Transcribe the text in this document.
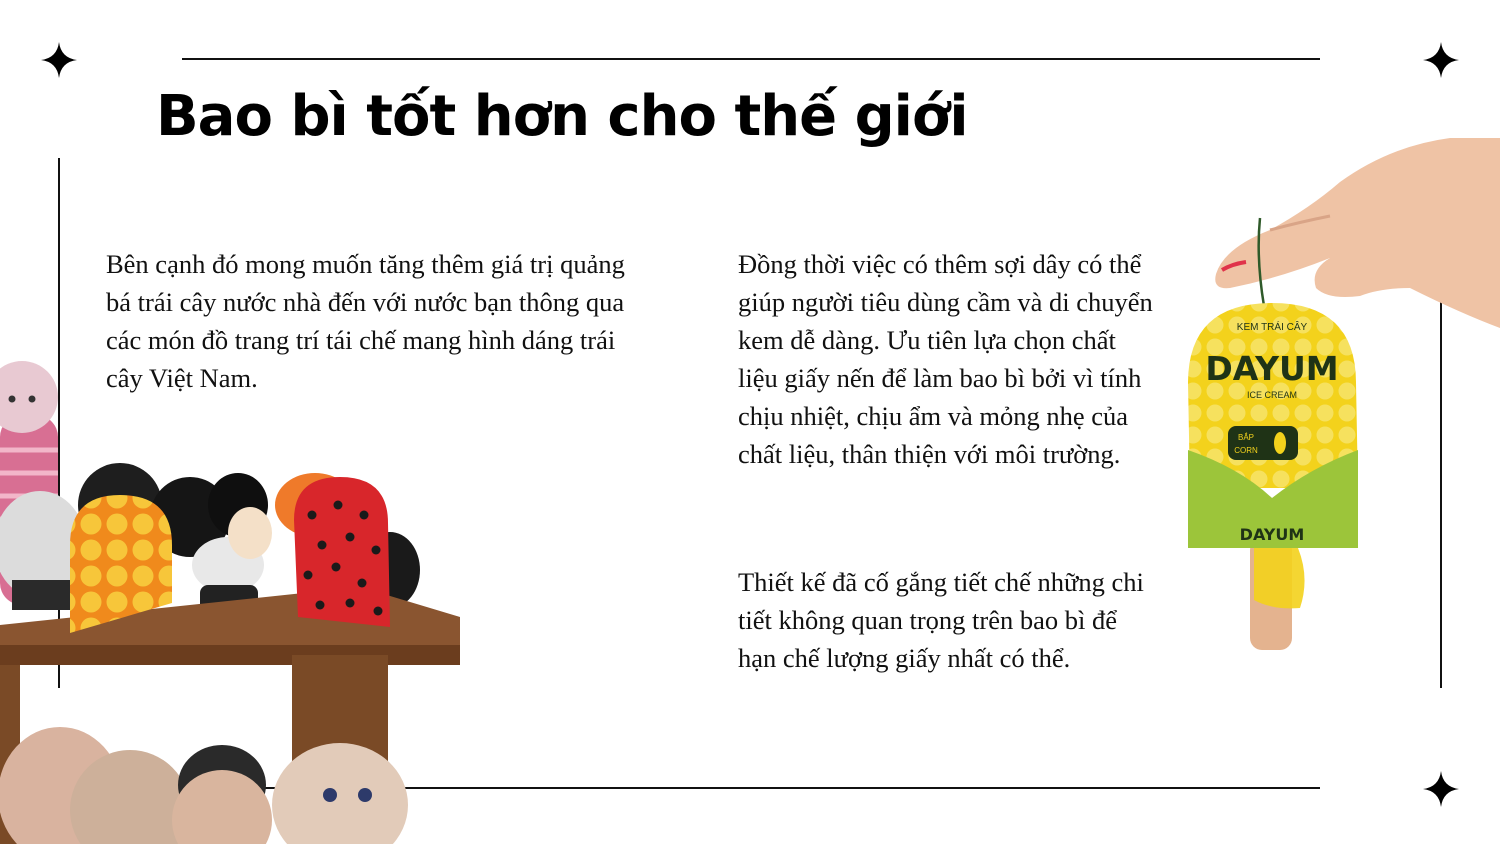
Bao bì tốt hơn cho thế giới

Bên cạnh đó mong muốn tăng thêm giá trị quảng bá trái cây nước nhà đến với nước bạn thông qua các món đồ trang trí tái chế mang hình dáng trái cây Việt Nam.

Đồng thời việc có thêm sợi dây có thể giúp người tiêu dùng cầm và di chuyển kem dễ dàng. Ưu tiên lựa chọn chất liệu giấy nến để làm bao bì bởi vì tính chịu nhiệt, chịu ẩm và mỏng nhẹ của chất liệu, thân thiện với môi trường.

Thiết kế đã cố gắng tiết chế những chi tiết không quan trọng trên bao bì để hạn chế lượng giấy nhất có thể.

KEM TRÁI CÂY
DAYUM
ICE CREAM
BẮP
CORN
DAYUM
